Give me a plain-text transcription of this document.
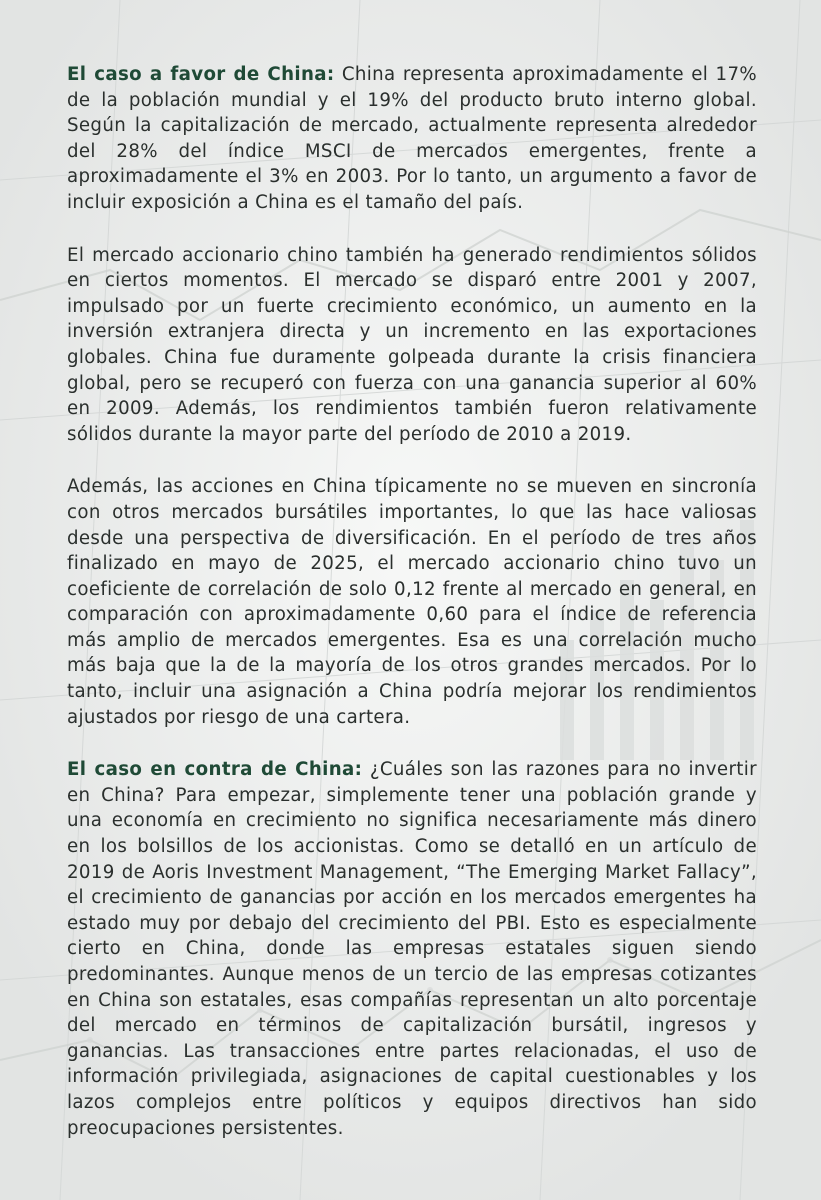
El caso a favor de China: China representa aproximadamente el 17% de la población mundial y el 19% del producto bruto interno global. Según la capitalización de mercado, actualmente representa alrededor del 28% del índice MSCI de mercados emergentes, frente a aproximadamente el 3% en 2003. Por lo tanto, un argumento a favor de incluir exposición a China es el tamaño del país.

El mercado accionario chino también ha generado rendimientos sólidos en ciertos momentos. El mercado se disparó entre 2001 y 2007, impulsado por un fuerte crecimiento económico, un aumento en la inversión extranjera directa y un incremento en las exportaciones globales. China fue duramente golpeada durante la crisis financiera global, pero se recuperó con fuerza con una ganancia superior al 60% en 2009. Además, los rendimientos también fueron relativamente sólidos durante la mayor parte del período de 2010 a 2019.

Además, las acciones en China típicamente no se mueven en sincronía con otros mercados bursátiles importantes, lo que las hace valiosas desde una perspectiva de diversificación. En el período de tres años finalizado en mayo de 2025, el mercado accionario chino tuvo un coeficiente de correlación de solo 0,12 frente al mercado en general, en comparación con aproximadamente 0,60 para el índice de referencia más amplio de mercados emergentes. Esa es una correlación mucho más baja que la de la mayoría de los otros grandes mercados. Por lo tanto, incluir una asignación a China podría mejorar los rendimientos ajustados por riesgo de una cartera.

El caso en contra de China: ¿Cuáles son las razones para no invertir en China? Para empezar, simplemente tener una población grande y una economía en crecimiento no significa necesariamente más dinero en los bolsillos de los accionistas. Como se detalló en un artículo de 2019 de Aoris Investment Management, “The Emerging Market Fallacy”, el crecimiento de ganancias por acción en los mercados emergentes ha estado muy por debajo del crecimiento del PBI. Esto es especialmente cierto en China, donde las empresas estatales siguen siendo predominantes. Aunque menos de un tercio de las empresas cotizantes en China son estatales, esas compañías representan un alto porcentaje del mercado en términos de capitalización bursátil, ingresos y ganancias. Las transacciones entre partes relacionadas, el uso de información privilegiada, asignaciones de capital cuestionables y los lazos complejos entre políticos y equipos directivos han sido preocupaciones persistentes.
